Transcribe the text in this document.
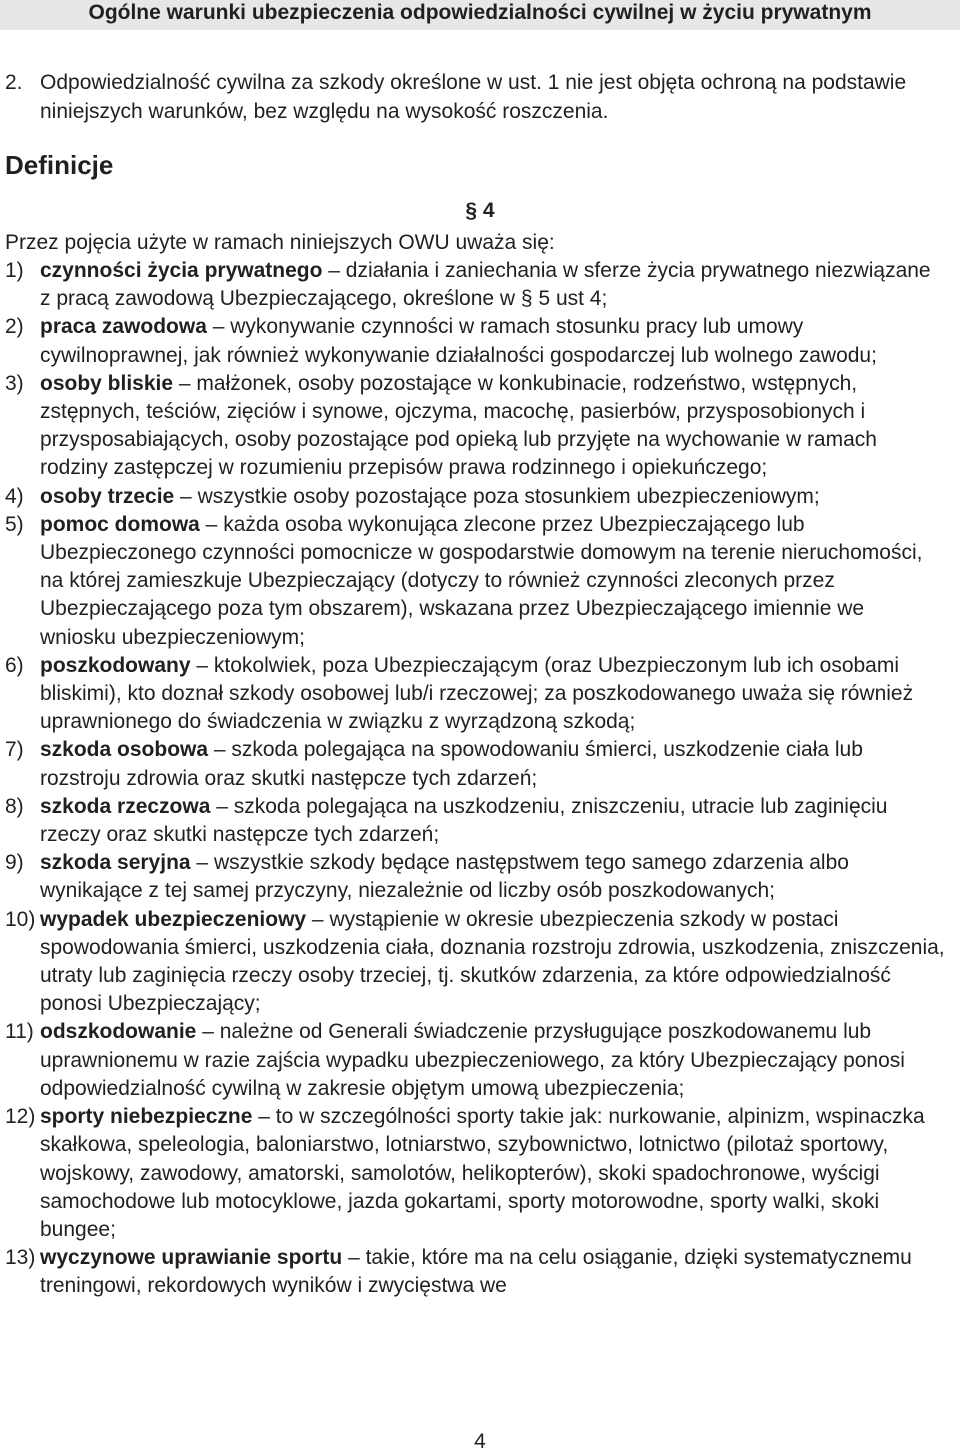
Ogólne warunki ubezpieczenia odpowiedzialności cywilnej w życiu prywatnym
2. Odpowiedzialność cywilna za szkody określone w ust. 1 nie jest objęta ochroną na podstawie niniejszych warunków, bez względu na wysokość roszczenia.
Definicje
§ 4
Przez pojęcia użyte w ramach niniejszych OWU uważa się:
1) czynności życia prywatnego – działania i zaniechania w sferze życia prywatnego niezwiązane z pracą zawodową Ubezpieczającego, określone w § 5 ust 4;
2) praca zawodowa – wykonywanie czynności w ramach stosunku pracy lub umowy cywilnoprawnej, jak również wykonywanie działalności gospodarczej lub wolnego zawodu;
3) osoby bliskie – małżonek, osoby pozostające w konkubinacie, rodzeństwo, wstępnych, zstępnych, teściów, zięciów i synowe, ojczyma, macochę, pasierbów, przysposobionych i przysposabiających, osoby pozostające pod opieką lub przyjęte na wychowanie w ramach rodziny zastępczej w rozumieniu przepisów prawa rodzinnego i opiekuńczego;
4) osoby trzecie – wszystkie osoby pozostające poza stosunkiem ubezpieczeniowym;
5) pomoc domowa – każda osoba wykonująca zlecone przez Ubezpieczającego lub Ubezpieczonego czynności pomocnicze w gospodarstwie domowym na terenie nieruchomości, na której zamieszkuje Ubezpieczający (dotyczy to również czynności zleconych przez Ubezpieczającego poza tym obszarem), wskazana przez Ubezpieczającego imiennie we wniosku ubezpieczeniowym;
6) poszkodowany – ktokolwiek, poza Ubezpieczającym (oraz Ubezpieczonym lub ich osobami bliskimi), kto doznał szkody osobowej lub/i rzeczowej; za poszkodowanego uważa się również uprawnionego do świadczenia w związku z wyrządzoną szkodą;
7) szkoda osobowa – szkoda polegająca na spowodowaniu śmierci, uszkodzenie ciała lub rozstroju zdrowia oraz skutki następcze tych zdarzeń;
8) szkoda rzeczowa – szkoda polegająca na uszkodzeniu, zniszczeniu, utracie lub zaginięciu rzeczy oraz skutki następcze tych zdarzeń;
9) szkoda seryjna – wszystkie szkody będące następstwem tego samego zdarzenia albo wynikające z tej samej przyczyny, niezależnie od liczby osób poszkodowanych;
10) wypadek ubezpieczeniowy – wystąpienie w okresie ubezpieczenia szkody w postaci spowodowania śmierci, uszkodzenia ciała, doznania rozstroju zdrowia, uszkodzenia, zniszczenia, utraty lub zaginięcia rzeczy osoby trzeciej, tj. skutków zdarzenia, za które odpowiedzialność ponosi Ubezpieczający;
11) odszkodowanie – należne od Generali świadczenie przysługujące poszkodowanemu lub uprawnionemu w razie zajścia wypadku ubezpieczeniowego, za który Ubezpieczający ponosi odpowiedzialność cywilną w zakresie objętym umową ubezpieczenia;
12) sporty niebezpieczne – to w szczególności sporty takie jak: nurkowanie, alpinizm, wspinaczka skałkowa, speleologia, baloniarstwo, lotniarstwo, szybownictwo, lotnictwo (pilotaż sportowy, wojskowy, zawodowy, amatorski, samolotów, helikopterów), skoki spadochronowe, wyścigi samochodowe lub motocyklowe, jazda gokartami, sporty motorowodne, sporty walki, skoki bungee;
13) wyczynowe uprawianie sportu – takie, które ma na celu osiąganie, dzięki systematycznemu treningowi, rekordowych wyników i zwycięstwa we
4
